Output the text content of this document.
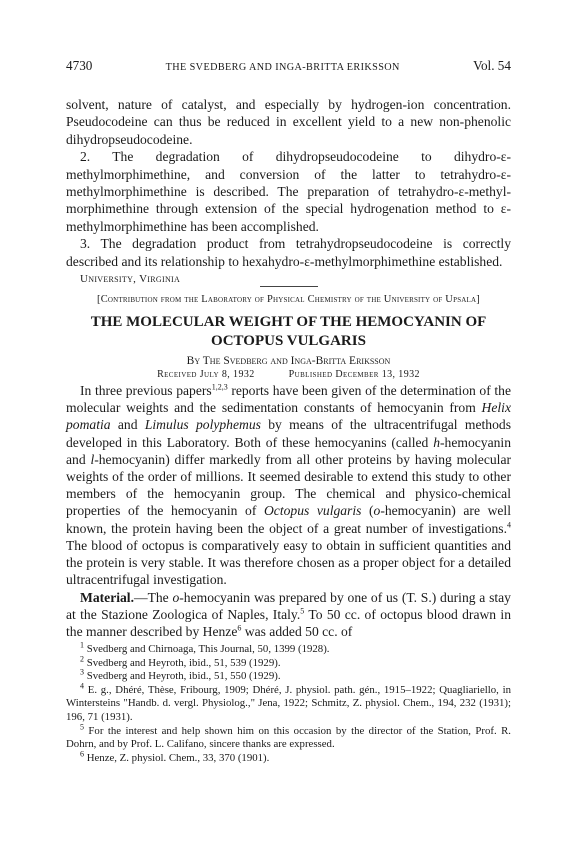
4730	THE SVEDBERG AND INGA-BRITTA ERIKSSON	Vol. 54

solvent, nature of catalyst, and especially by hydrogen-ion concentration. Pseudocodeine can thus be reduced in excellent yield to a new non-phenolic dihydropseudocodeine.

2. The degradation of dihydropseudocodeine to dihydro-ε-methylmorphimethine, and conversion of the latter to tetrahydro-ε-methylmorphimethine is described. The preparation of tetrahydro-ε-methyl-morphimethine through extension of the special hydrogenation method to ε-methylmorphimethine has been accomplished.

3. The degradation product from tetrahydropseudocodeine is correctly described and its relationship to hexahydro-ε-methylmorphimethine established.

University, Virginia
[Contribution from the Laboratory of Physical Chemistry of the University of Upsala]
THE MOLECULAR WEIGHT OF THE HEMOCYANIN OF OCTOPUS VULGARIS
By The Svedberg and Inga-Britta Eriksson
Received July 8, 1932	Published December 13, 1932

In three previous papers$^{1,2,3}$ reports have been given of the determination of the molecular weights and the sedimentation constants of hemocyanin from Helix pomatia and Limulus polyphemus by means of the ultracentrifugal methods developed in this Laboratory. Both of these hemocyanins (called h-hemocyanin and l-hemocyanin) differ markedly from all other proteins by having molecular weights of the order of millions. It seemed desirable to extend this study to other members of the hemocyanin group. The chemical and physico-chemical properties of the hemocyanin of Octopus vulgaris (o-hemocyanin) are well known, the protein having been the object of a great number of investigations.$^4$ The blood of octopus is comparatively easy to obtain in sufficient quantities and the protein is very stable. It was therefore chosen as a proper object for a detailed ultracentrifugal investigation.

Material.—The o-hemocyanin was prepared by one of us (T. S.) during a stay at the Stazione Zoologica of Naples, Italy.$^5$ To 50 cc. of octopus blood drawn in the manner described by Henze$^6$ was added 50 cc. of

$^1$ Svedberg and Chirnoaga, This Journal, 50, 1399 (1928).
$^2$ Svedberg and Heyroth, ibid., 51, 539 (1929).
$^3$ Svedberg and Heyroth, ibid., 51, 550 (1929).
$^4$ E. g., Dhéré, Thèse, Fribourg, 1909; Dhéré, J. physiol. path. gén., 1915–1922; Quagliariello, in Wintersteins "Handb. d. vergl. Physiolog.," Jena, 1922; Schmitz, Z. physiol. Chem., 194, 232 (1931); 196, 71 (1931).
$^5$ For the interest and help shown him on this occasion by the director of the Station, Prof. R. Dohrn, and by Prof. L. Califano, sincere thanks are expressed.
$^6$ Henze, Z. physiol. Chem., 33, 370 (1901).
